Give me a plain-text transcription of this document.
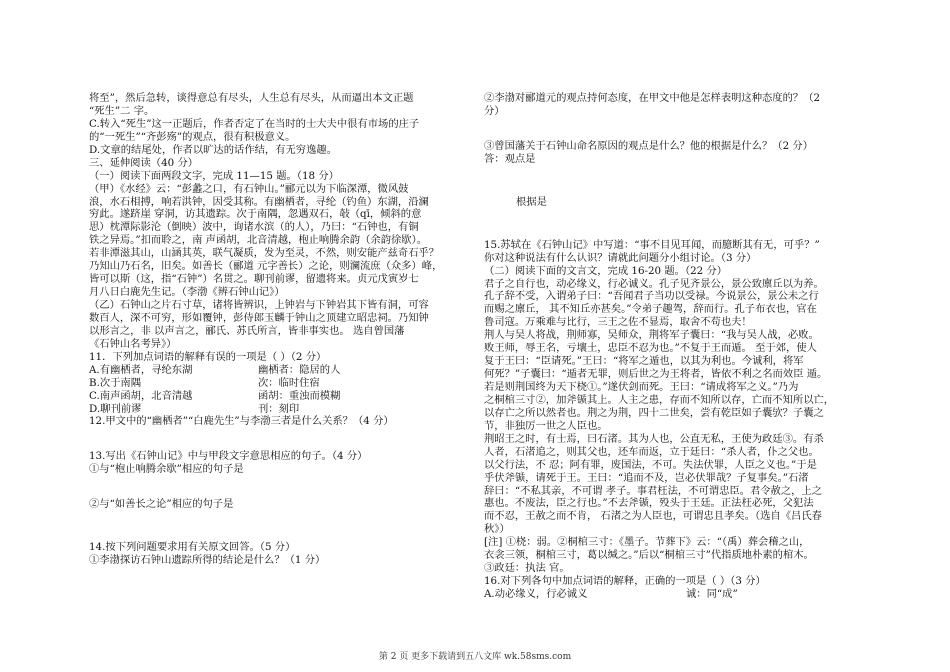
将至”，然后急转，谈得意总有尽头，人生总有尽头，从而逼出本文正题
“死生”二 字。
C.转入“死生”这一正题后，作者否定了在当时的士大夫中很有市场的庄子
的“一死生”“齐彭殇”的观点，很有积极意义。
D.文章的结尾处，作者以旷达的话作结，有无穷逸趣。
三、延伸阅读（40 分）
（一）阅读下面两段文字，完成 11—15 题。（18 分）
（甲）《水经》云：“彭蠡之口，有石钟山。”郦元以为下临深潭，微风鼓
浪，水石相搏，响若洪钟，因受其称。有幽栖者，寻纶（钓鱼）东湖，沿澜
穷此。遂跻崖 穿洞，访其遗踪。次于南隅，忽遇双石，敧（qī，倾斜的意
思）枕潭际影沦（倒映）波中，询诸水滨（的人），乃曰：“石钟也，有铜
铁之异焉。”扣而聆之，南 声函胡，北音清越，枹止响腾余韵（余韵徐歇）。
若非潭滋其山，山涵其英，联气凝质，发为至灵，不然，则安能产兹奇石乎？
乃知山乃石名，旧矣。如善长（郦道 元字善长）之论，则澜流庶（众多）峰，
皆可以斯（这，指“石钟”）名贯之。聊刊前谬，留遗将来。贞元戊寅岁七
月八日白鹿先生记。（李渤《辨石钟山记》）
（乙）石钟山之片石寸草，诸将皆辨识，上钟岩与下钟岩其下皆有洞，可容
数百人，深不可穷，形如覆钟，彭侍郎玉麟于钟山之顶建立昭忠祠。乃知钟
以形言之，非 以声言之，郦氏、苏氏所言，皆非事实也。 选自曾国藩
《石钟山名考异》）
11．下列加点词语的解释有误的一项是（ ）（2 分）
A.有幽栖者，寻纶东湖	幽栖者：隐居的人
B.次于南隅	次：临时住宿
C.南声函胡，北音清越	函胡：重浊而模糊
D.聊刊前谬	刊：刻印
12.甲文中的“幽栖者”“白鹿先生”与李渤三者是什么关系？（4 分）
13.写出《石钟山记》中与甲段文字意思相应的句子。（4 分）
①与“枹止响腾余歇”相应的句子是
②与“如善长之论”相应的句子是
14.按下列问题要求用有关原文回答。（5 分）
①李渤探访石钟山遗踪所得的结论是什么？（1 分）
②李渤对郦道元的观点持何态度，在甲文中他是怎样表明这种态度的？（2
分）
③曾国藩关于石钟山命名原因的观点是什么？他的根据是什么？（2 分）
答：观点是
根据是
15.苏轼在《石钟山记》中写道：“事不目见耳闻，而臆断其有无，可乎？”
你对这种说法有什么认识？请就此问题分小组讨论。（3 分）
（二）阅读下面的文言文，完成 16-20 题。（22 分）
君子之自行也，动必缘义，行必诚义。孔子见齐景公，景公致廪丘以为养。
孔子辞不受，入谓弟子曰：“吾闻君子当功以受禄。今说景公，景公未之行
而赐之廪丘， 其不知丘亦甚矣。”令弟子趣驾，辞而行。孔子布衣也，官在
鲁司寇。万乘难与比行，三王之佐不显焉，取舍不苟也夫！
荆人与吴人将战，荆师寡，吴师众，荆将军子囊曰：“我与吴人战，必败。
败王师，辱王名，亏壤土，忠臣不忍为也。”不复于王而遁。 至于郊，使人
复于王曰：“臣请死。”王曰：“将军之遁也，以其为利也。今诚利，将军
何死？”子囊曰：“遁者无罪，则后世之为王将者，皆依不利之名而效臣 遁。
若是则荆国终为天下桡①。”遂伏剑而死。王曰：“请成将军之义。”乃为
之桐棺三寸②，加斧锧其上。人主之患，存而不知所以存，亡而不知所以亡，
以存亡之所以然者也。荆之为荆，四十二世矣，尝有乾臣如子囊欤？子囊之
节，非独厉一世之人臣也。
荆昭王之时，有士焉，曰石渚。其为人也，公直无私，王使为政廷③。有杀
人者，石渚追之，则其父也，还车而返，立于廷曰：“杀人者，仆之父也。
以父行法，不 忍；阿有罪，废国法，不可。失法伏罪，人臣之义也。”于是
乎伏斧锧，请死于王。王曰：“追而不及，岂必伏罪哉？子复事矣。”石渚
辞曰：“不私其亲，不可谓 孝子。事君枉法，不可谓忠臣。君令赦之，上之
惠也。不废法，臣之行也。”不去斧锧，殁头于王廷。正法枉必死，父犯法
而不忍，王赦之而不肯， 石渚之为人臣也，可谓忠且孝矣。（选自《吕氏春
秋》）
[注] ①桡：弱。②桐棺三寸：《墨子。节葬下》云：“（禹）葬会稽之山，
衣衾三领，桐棺三寸，葛以缄之。”后以“桐棺三寸”代指质地朴素的棺木。
③政廷：执法 官。
16.对下列各句中加点词语的解释，正确的一项是（ ）（3 分）
A.动必缘义，行必诚义	诚：同“成”
第 2 页 更多下载请到五八文库 wk.58sms.com
